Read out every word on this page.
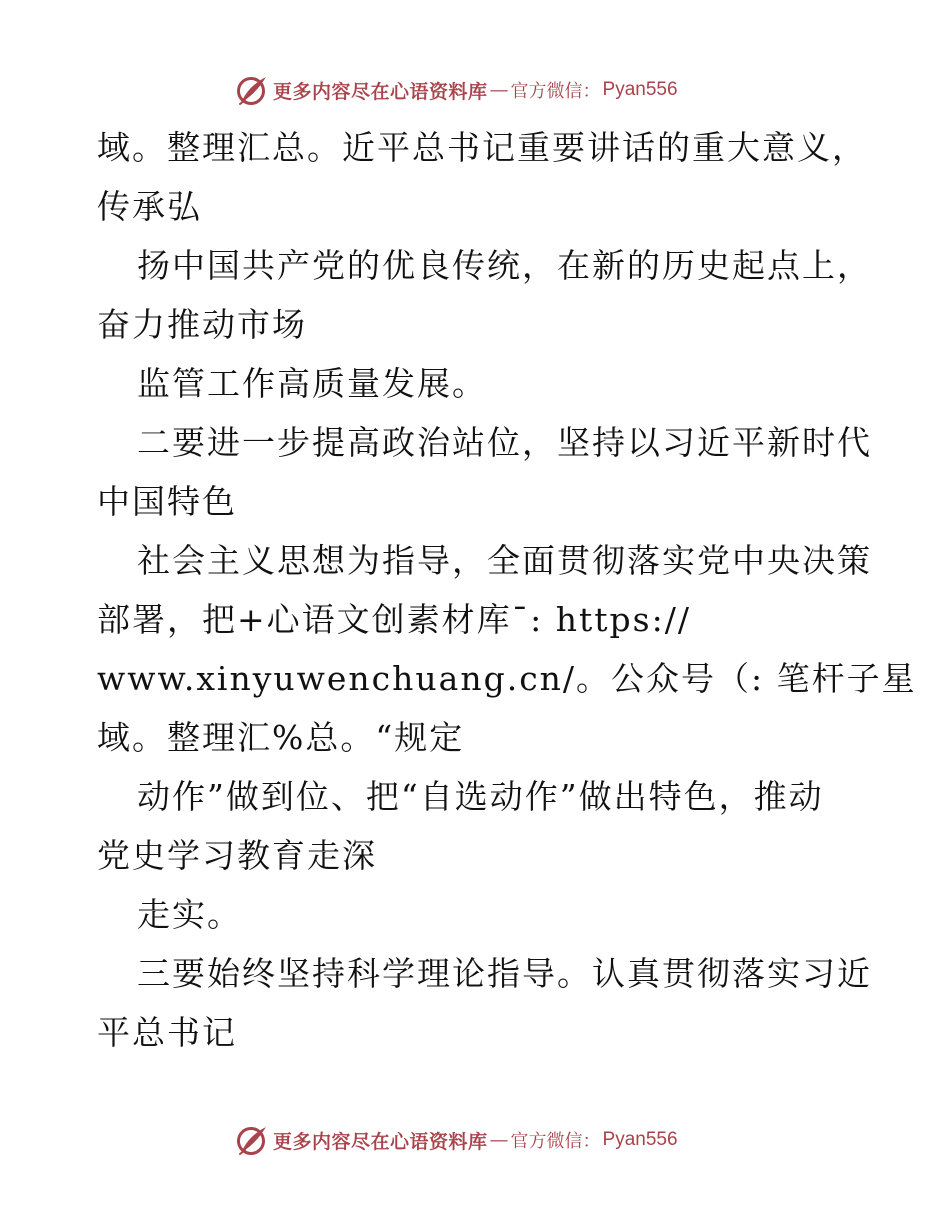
更多内容尽在心语资料库 — 官方微信： Pyan556
域。整理汇总。近平总书记重要讲话的重大意义，
传承弘
扬中国共产党的优良传统，在新的历史起点上，
奋力推动市场
监管工作高质量发展。
二要进一步提高政治站位，坚持以习近平新时代
中国特色
社会主义思想为指导，全面贯彻落实党中央决策
部署，把+心语文创素材库¯: https://
www.xinyuwenchuang.cn/。公众号（: 笔杆子星
域。整理汇%总。“规定
动作”做到位、把“自选动作”做出特色，推动
党史学习教育走深
走实。
三要始终坚持科学理论指导。认真贯彻落实习近
平总书记
更多内容尽在心语资料库 — 官方微信： Pyan556
